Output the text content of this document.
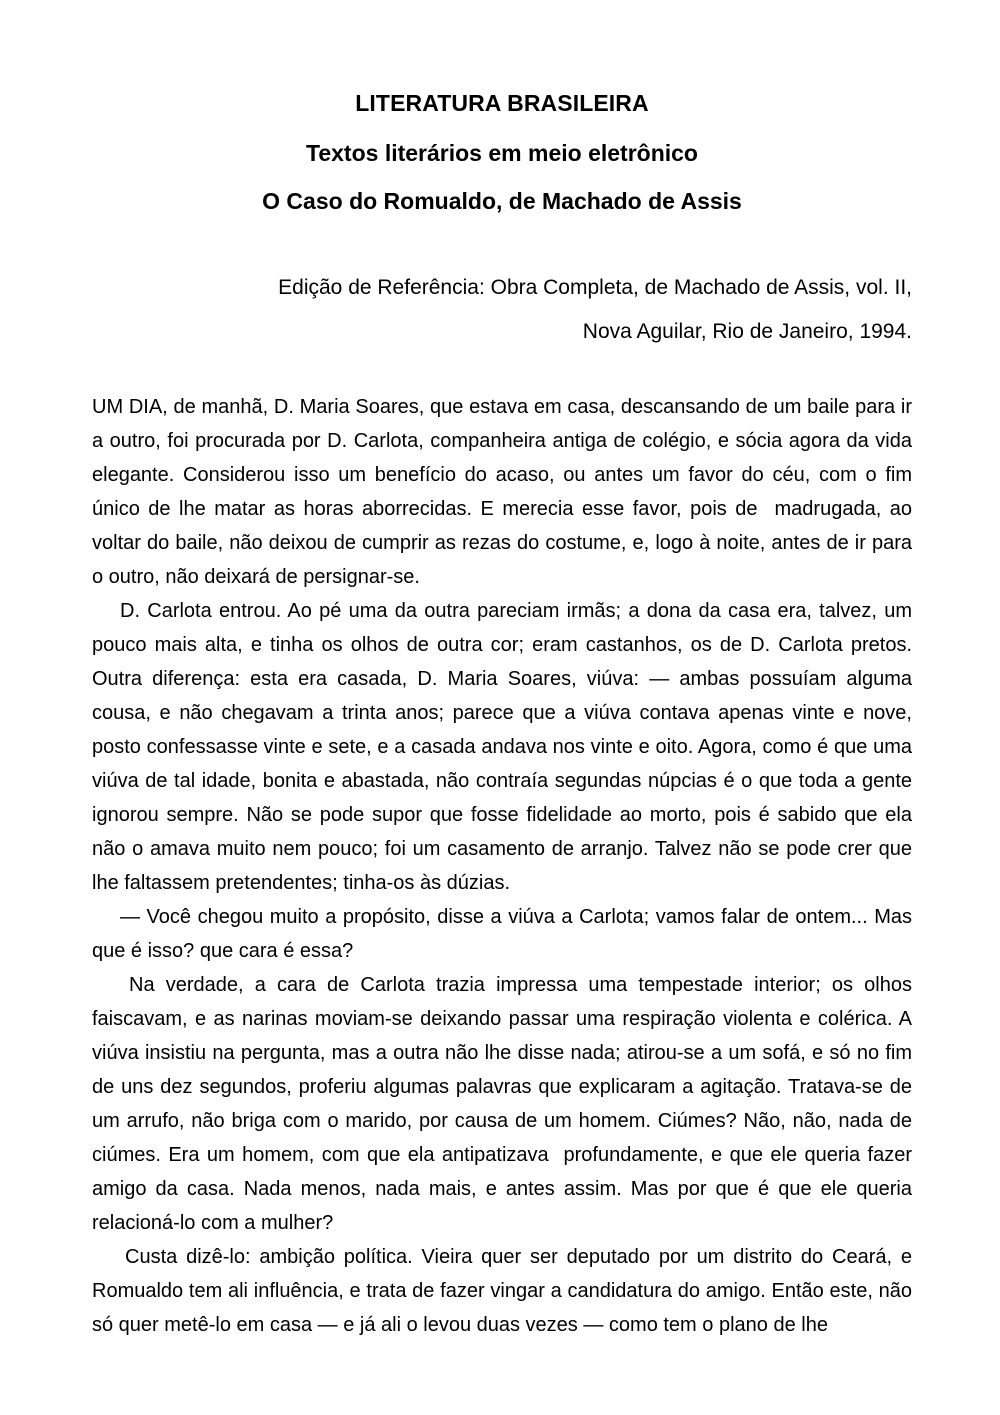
LITERATURA BRASILEIRA
Textos literários em meio eletrônico
O Caso do Romualdo, de Machado de Assis
Edição de Referência: Obra Completa, de Machado de Assis, vol. II,
Nova Aguilar, Rio de Janeiro, 1994.

UM DIA, de manhã, D. Maria Soares, que estava em casa, descansando de um baile para ir a outro, foi procurada por D. Carlota, companheira antiga de colégio, e sócia agora da vida elegante. Considerou isso um benefício do acaso, ou antes um favor do céu, com o fim único de lhe matar as horas aborrecidas. E merecia esse favor, pois de  madrugada, ao voltar do baile, não deixou de cumprir as rezas do costume, e, logo à noite, antes de ir para o outro, não deixará de persignar-se.

D. Carlota entrou. Ao pé uma da outra pareciam irmãs; a dona da casa era, talvez, um pouco mais alta, e tinha os olhos de outra cor; eram castanhos, os de D. Carlota pretos. Outra diferença: esta era casada, D. Maria Soares, viúva: — ambas possuíam alguma cousa, e não chegavam a trinta anos; parece que a viúva contava apenas vinte e nove, posto confessasse vinte e sete, e a casada andava nos vinte e oito. Agora, como é que uma viúva de tal idade, bonita e abastada, não contraía segundas núpcias é o que toda a gente ignorou sempre. Não se pode supor que fosse fidelidade ao morto, pois é sabido que ela não o amava muito nem pouco; foi um casamento de arranjo. Talvez não se pode crer que lhe faltassem pretendentes; tinha-os às dúzias.

— Você chegou muito a propósito, disse a viúva a Carlota; vamos falar de ontem... Mas que é isso? que cara é essa?

Na verdade, a cara de Carlota trazia impressa uma tempestade interior; os olhos faiscavam, e as narinas moviam-se deixando passar uma respiração violenta e colérica. A viúva insistiu na pergunta, mas a outra não lhe disse nada; atirou-se a um sofá, e só no fim de uns dez segundos, proferiu algumas palavras que explicaram a agitação. Tratava-se de um arrufo, não briga com o marido, por causa de um homem. Ciúmes? Não, não, nada de ciúmes. Era um homem, com que ela antipatizava  profundamente, e que ele queria fazer amigo da casa. Nada menos, nada mais, e antes assim. Mas por que é que ele queria relacioná-lo com a mulher?

Custa dizê-lo: ambição política. Vieira quer ser deputado por um distrito do Ceará, e Romualdo tem ali influência, e trata de fazer vingar a candidatura do amigo. Então este, não só quer metê-lo em casa — e já ali o levou duas vezes — como tem o plano de lhe
